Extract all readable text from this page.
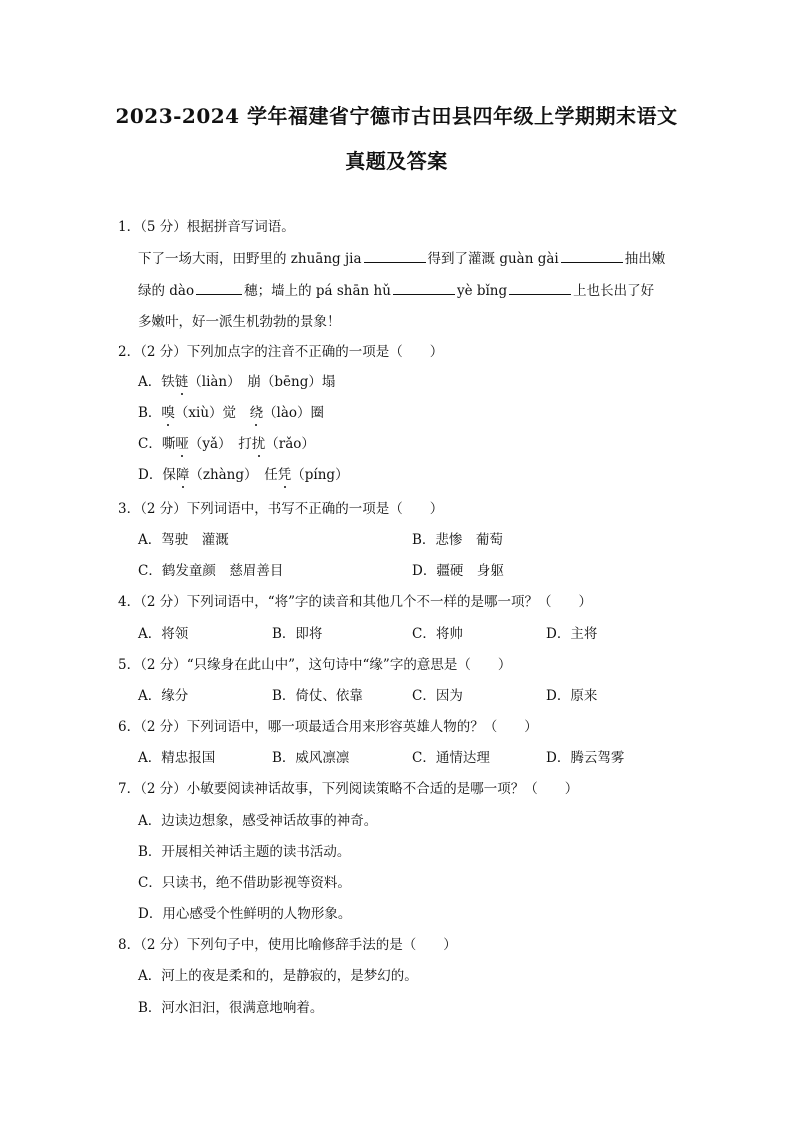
2023-2024 学年福建省宁德市古田县四年级上学期期末语文
真题及答案
1．（5 分）根据拼音写词语。
下了一场大雨，田野里的 zhuāng jia	得到了灌溉 guàn gài	抽出嫩
绿的 dào	穗；墙上的 pá shān hǔ	yè bǐng	上也长出了好
多嫩叶，好一派生机勃勃的景象！
2．（2 分）下列加点字的注音不正确的一项是（　　）
A．铁链（liàn）　崩（bēng）塌
B．嗅（xiù）觉　绕（lào）圈
C．嘶哑（yǎ）　打扰（rǎo）
D．保障（zhàng）　任凭（píng）
3．（2 分）下列词语中，书写不正确的一项是（　　）
A．驾驶　灌溉	B．悲惨　葡萄
C．鹤发童颜　慈眉善目	D．疆硬　身躯
4．（2 分）下列词语中，“将”字的读音和其他几个不一样的是哪一项？（　　）
A．将领	B．即将	C．将帅	D．主将
5．（2 分）“只缘身在此山中”，这句诗中“缘”字的意思是（　　）
A．缘分	B．倚仗、依靠	C．因为	D．原来
6．（2 分）下列词语中，哪一项最适合用来形容英雄人物的？（　　）
A．精忠报国	B．威风凛凛	C．通情达理	D．腾云驾雾
7．（2 分）小敏要阅读神话故事，下列阅读策略不合适的是哪一项？（　　）
A．边读边想象，感受神话故事的神奇。
B．开展相关神话主题的读书活动。
C．只读书，绝不借助影视等资料。
D．用心感受个性鲜明的人物形象。
8．（2 分）下列句子中，使用比喻修辞手法的是（　　）
A．河上的夜是柔和的，是静寂的，是梦幻的。
B．河水汩汩，很满意地响着。
